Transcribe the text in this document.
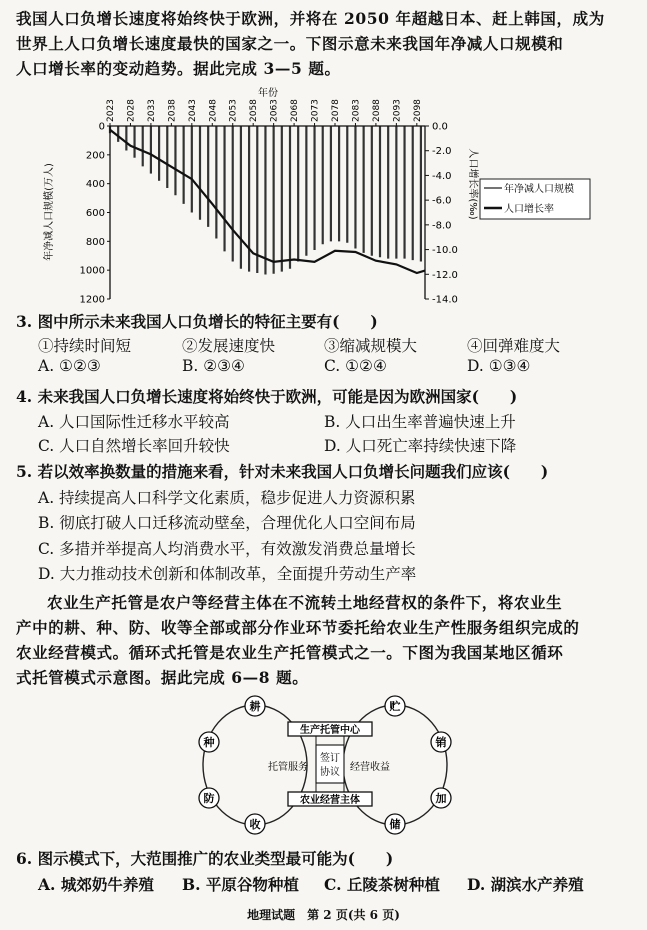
我国人口负增长速度将始终快于欧洲，并将在 2050 年超越日本、赶上韩国，成为
世界上人口负增长速度最快的国家之一。下图示意未来我国年净减人口规模和
人口增长率的变动趋势。据此完成 3—5 题。
2023 2028 2033 2038 2043 2048 2053 2058 2063 2068 2073 2078 2083 2088 2093 2098
年份
0
200
400
600
800
1000
1200
0.0
-2.0
-4.0
-6.0
-8.0
-10.0
-12.0
-14.0
年净减人口规模(万人)	人口增长率(‰)	年净减人口规模
人口增长率
3. 图中所示未来我国人口负增长的特征主要有(　　)
①持续时间短	②发展速度快	③缩减规模大	④回弹难度大
A. ①②③	B. ②③④	C. ①②④	D. ①③④
4. 未来我国人口负增长速度将始终快于欧洲，可能是因为欧洲国家(　　)
A. 人口国际性迁移水平较高	B. 人口出生率普遍快速上升
C. 人口自然增长率回升较快	D. 人口死亡率持续快速下降
5. 若以效率换数量的措施来看，针对未来我国人口负增长问题我们应该(　　)
A. 持续提高人口科学文化素质，稳步促进人力资源积累
B. 彻底打破人口迁移流动壁垒，合理优化人口空间布局
C. 多措并举提高人均消费水平，有效激发消费总量增长
D. 大力推动技术创新和体制改革，全面提升劳动生产率
农业生产托管是农户等经营主体在不流转土地经营权的条件下，将农业生
产中的耕、种、防、收等全部或部分作业环节委托给农业生产性服务组织完成的
农业经营模式。循环式托管是农业生产托管模式之一。下图为我国某地区循环
式托管模式示意图。据此完成 6—8 题。
生产托管中心
农业经营主体
签订
协议
托管服务	经营收益
耕
种
防
收
贮
销
加
储
6. 图示模式下，大范围推广的农业类型最可能为(　　)
A. 城郊奶牛养殖 B. 平原谷物种植 C. 丘陵茶树种植 D. 湖滨水产养殖
地理试题　第 2 页(共 6 页)
